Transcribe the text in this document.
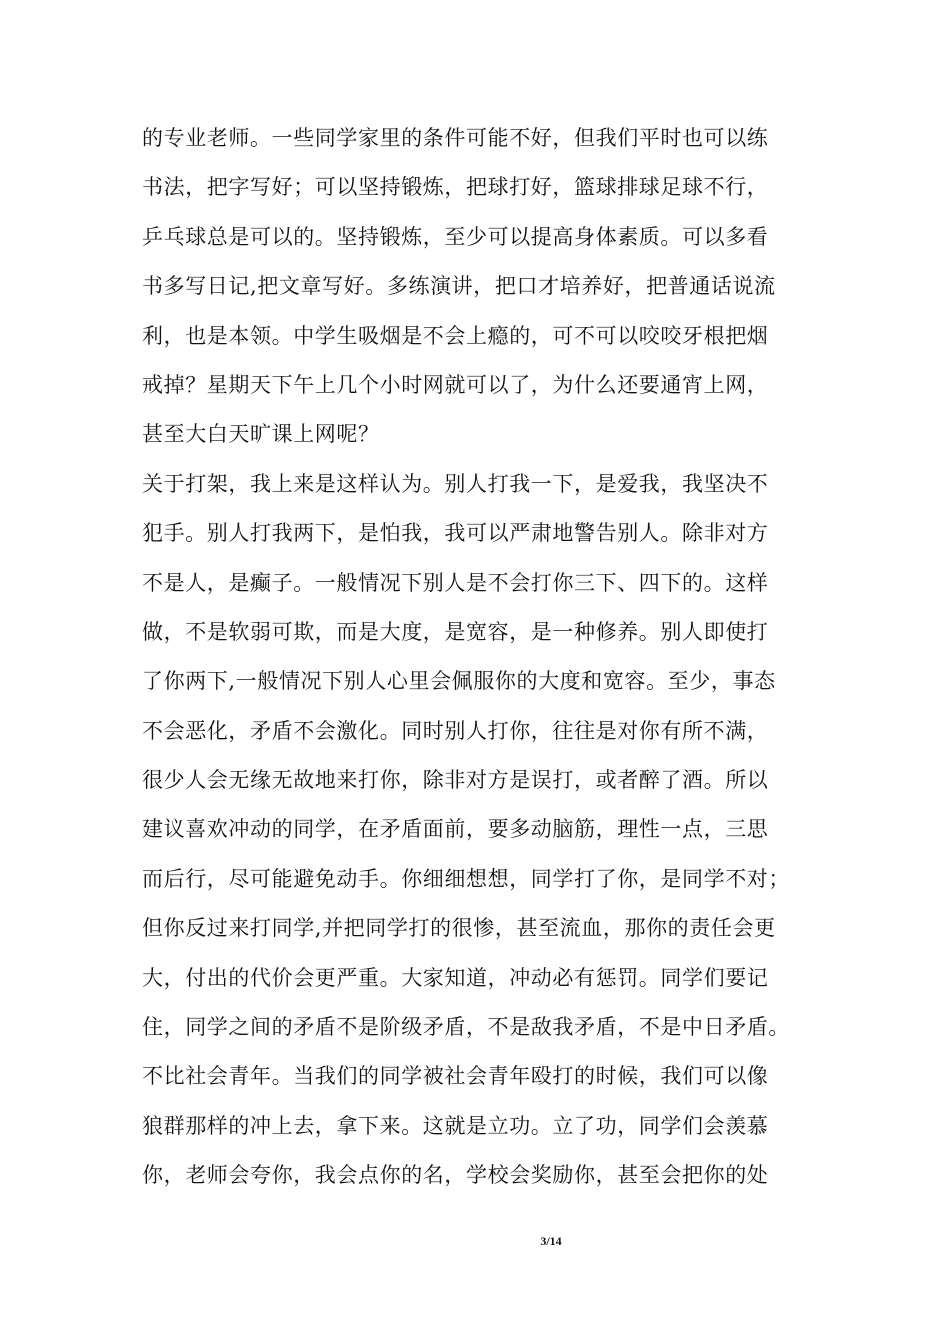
的专业老师。一些同学家里的条件可能不好，但我们平时也可以练
书法，把字写好；可以坚持锻炼，把球打好，篮球排球足球不行，
乒乓球总是可以的。坚持锻炼，至少可以提高身体素质。可以多看
书多写日记,把文章写好。多练演讲，把口才培养好，把普通话说流
利，也是本领。中学生吸烟是不会上瘾的，可不可以咬咬牙根把烟
戒掉？星期天下午上几个小时网就可以了，为什么还要通宵上网，
甚至大白天旷课上网呢？
关于打架，我上来是这样认为。别人打我一下，是爱我，我坚决不
犯手。别人打我两下，是怕我，我可以严肃地警告别人。除非对方
不是人，是癫子。一般情况下别人是不会打你三下、四下的。这样
做，不是软弱可欺，而是大度，是宽容，是一种修养。别人即使打
了你两下,一般情况下别人心里会佩服你的大度和宽容。至少，事态
不会恶化，矛盾不会激化。同时别人打你，往往是对你有所不满，
很少人会无缘无故地来打你，除非对方是误打，或者醉了酒。所以
建议喜欢冲动的同学，在矛盾面前，要多动脑筋，理性一点，三思
而后行，尽可能避免动手。你细细想想，同学打了你，是同学不对；
但你反过来打同学,并把同学打的很惨，甚至流血，那你的责任会更
大，付出的代价会更严重。大家知道，冲动必有惩罚。同学们要记
住，同学之间的矛盾不是阶级矛盾，不是敌我矛盾，不是中日矛盾。
不比社会青年。当我们的同学被社会青年殴打的时候，我们可以像
狼群那样的冲上去，拿下来。这就是立功。立了功，同学们会羡慕
你，老师会夸你，我会点你的名，学校会奖励你，甚至会把你的处
3/14
